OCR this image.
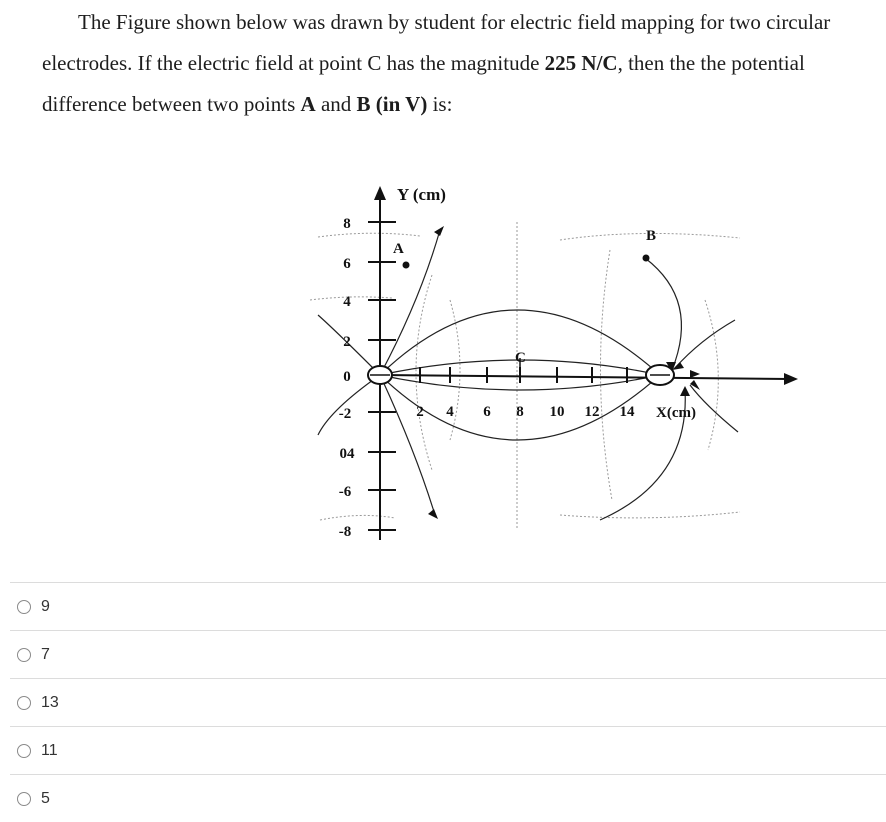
The Figure shown below was drawn by student for electric field mapping for two circular electrodes. If the electric field at point C has the magnitude 225 N/C, then the the potential difference between two points A and B (in V) is:

Y (cm)
X(cm)
A
B
C
8
6
4
2
0
-2
04
-6
-8
2 4 6 8 10 12 14
9
7
13
11
5
